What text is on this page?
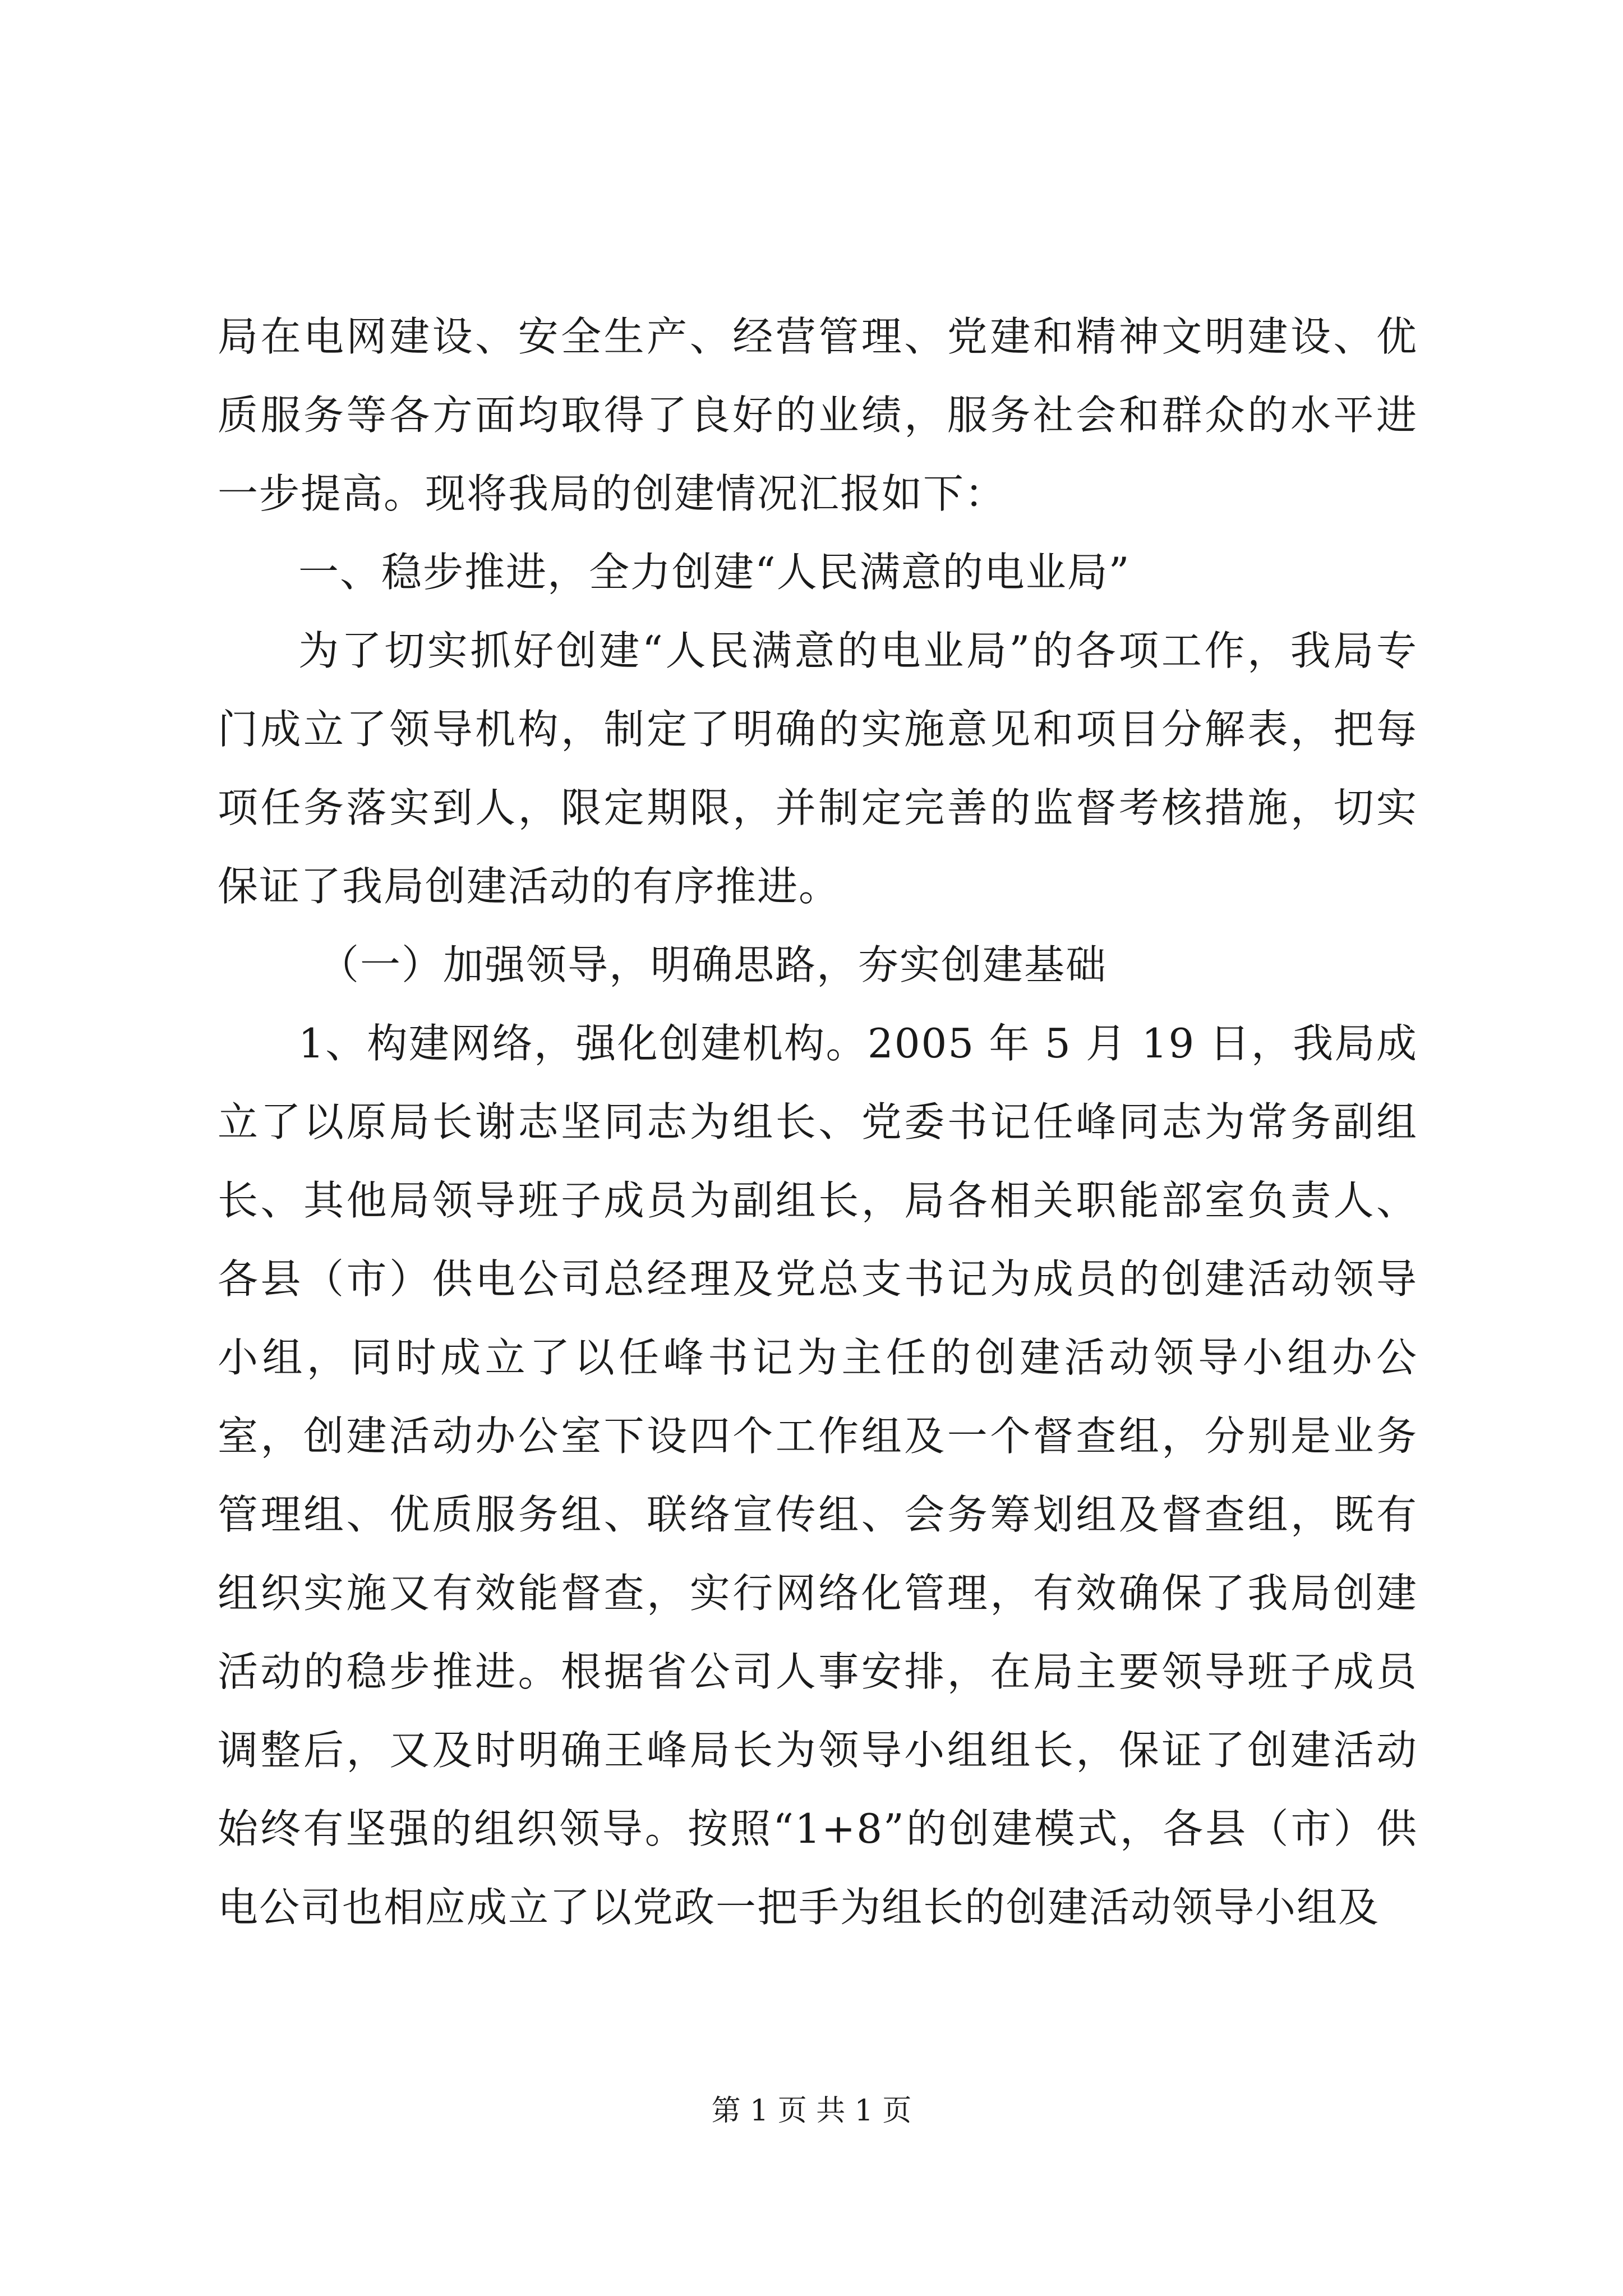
局在电网建设、安全生产、经营管理、党建和精神文明建设、优质服务等各方面均取得了良好的业绩，服务社会和群众的水平进一步提高。现将我局的创建情况汇报如下：

一、稳步推进，全力创建“人民满意的电业局”

为了切实抓好创建“人民满意的电业局”的各项工作，我局专门成立了领导机构，制定了明确的实施意见和项目分解表，把每项任务落实到人，限定期限，并制定完善的监督考核措施，切实保证了我局创建活动的有序推进。

（一）加强领导，明确思路，夯实创建基础

1、构建网络，强化创建机构。2005 年 5 月 19 日，我局成立了以原局长谢志坚同志为组长、党委书记任峰同志为常务副组长、其他局领导班子成员为副组长，局各相关职能部室负责人、各县（市）供电公司总经理及党总支书记为成员的创建活动领导小组，同时成立了以任峰书记为主任的创建活动领导小组办公室，创建活动办公室下设四个工作组及一个督查组，分别是业务管理组、优质服务组、联络宣传组、会务筹划组及督查组，既有组织实施又有效能督查，实行网络化管理，有效确保了我局创建活动的稳步推进。根据省公司人事安排，在局主要领导班子成员调整后，又及时明确王峰局长为领导小组组长，保证了创建活动始终有坚强的组织领导。按照“1+8”的创建模式，各县（市）供电公司也相应成立了以党政一把手为组长的创建活动领导小组及

第 1 页 共 1 页
